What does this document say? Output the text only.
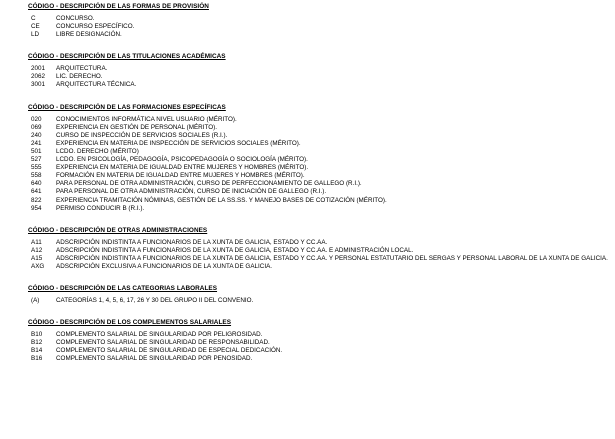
CÓDIGO - DESCRIPCIÓN DE LAS FORMAS DE PROVISIÓN
C	CONCURSO.
CE	CONCURSO ESPECÍFICO.
LD	LIBRE DESIGNACIÓN.
CÓDIGO - DESCRIPCIÓN DE LAS TITULACIONES ACADÉMICAS
2001	ARQUITECTURA.
2062	LIC. DERECHO.
3001	ARQUITECTURA TÉCNICA.
CÓDIGO - DESCRIPCIÓN DE LAS FORMACIONES ESPECÍFICAS
020	CONOCIMIENTOS INFORMÁTICA NIVEL USUARIO (MÉRITO).
069	EXPERIENCIA EN GESTIÓN DE PERSONAL (MÉRITO).
240	CURSO DE INSPECCIÓN DE SERVICIOS SOCIALES (R.I.).
241	EXPERIENCIA EN MATERIA DE INSPECCIÓN DE SERVICIOS SOCIALES (MÉRITO).
501	LCDO. DERECHO (MÉRITO)
527	LCDO. EN PSICOLOGÍA, PEDAGOGÍA, PSICOPEDAGOGÍA O SOCIOLOGÍA (MÉRITO).
555	EXPERIENCIA EN MATERIA DE IGUALDAD ENTRE MUJERES Y HOMBRES (MÉRITO).
558	FORMACIÓN EN MATERIA DE IGUALDAD ENTRE MUJERES Y HOMBRES (MÉRITO).
640	PARA PERSONAL DE OTRA ADMINISTRACIÓN, CURSO DE PERFECCIONAMIENTO DE GALLEGO (R.I.).
641	PARA PERSONAL DE OTRA ADMINISTRACIÓN, CURSO DE INICIACIÓN DE GALLEGO (R.I.).
822	EXPERIENCIA TRAMITACIÓN NÓMINAS, GESTIÓN DE LA SS.SS. Y MANEJO BASES DE COTIZACIÓN (MÉRITO).
954	PERMISO CONDUCIR B (R.I.).
CÓDIGO - DESCRIPCIÓN DE OTRAS ADMINISTRACIONES
A11	ADSCRIPCIÓN INDISTINTA A FUNCIONARIOS DE LA XUNTA DE GALICIA, ESTADO Y CC.AA.
A12	ADSCRIPCIÓN INDISTINTA A FUNCIONARIOS DE LA XUNTA DE GALICIA, ESTADO Y CC.AA. E ADMINISTRACIÓN LOCAL.
A15	ADSCRIPCIÓN INDISTINTA A FUNCIONARIOS DE LA XUNTA DE GALICIA, ESTADO Y CC.AA. Y PERSONAL ESTATUTARIO DEL SERGAS Y PERSONAL LABORAL DE LA XUNTA DE GALICIA.
AXG	ADSCRIPCIÓN EXCLUSIVA A FUNCIONARIOS DE LA XUNTA DE GALICIA.
CÓDIGO - DESCRIPCIÓN DE LAS CATEGORIAS LABORALES
(A)	CATEGORÍAS 1, 4, 5, 6, 17, 26 Y 30 DEL GRUPO II DEL CONVENIO.
CÓDIGO - DESCRIPCIÓN DE LOS COMPLEMENTOS SALARIALES
B10	COMPLEMENTO SALARIAL DE SINGULARIDAD POR PELIGROSIDAD.
B12	COMPLEMENTO SALARIAL DE SINGULARIDAD DE RESPONSABILIDAD.
B14	COMPLEMENTO SALARIAL DE SINGULARIDAD DE ESPECIAL DEDICACIÓN.
B16	COMPLEMENTO SALARIAL DE SINGULARIDAD POR PENOSIDAD.
